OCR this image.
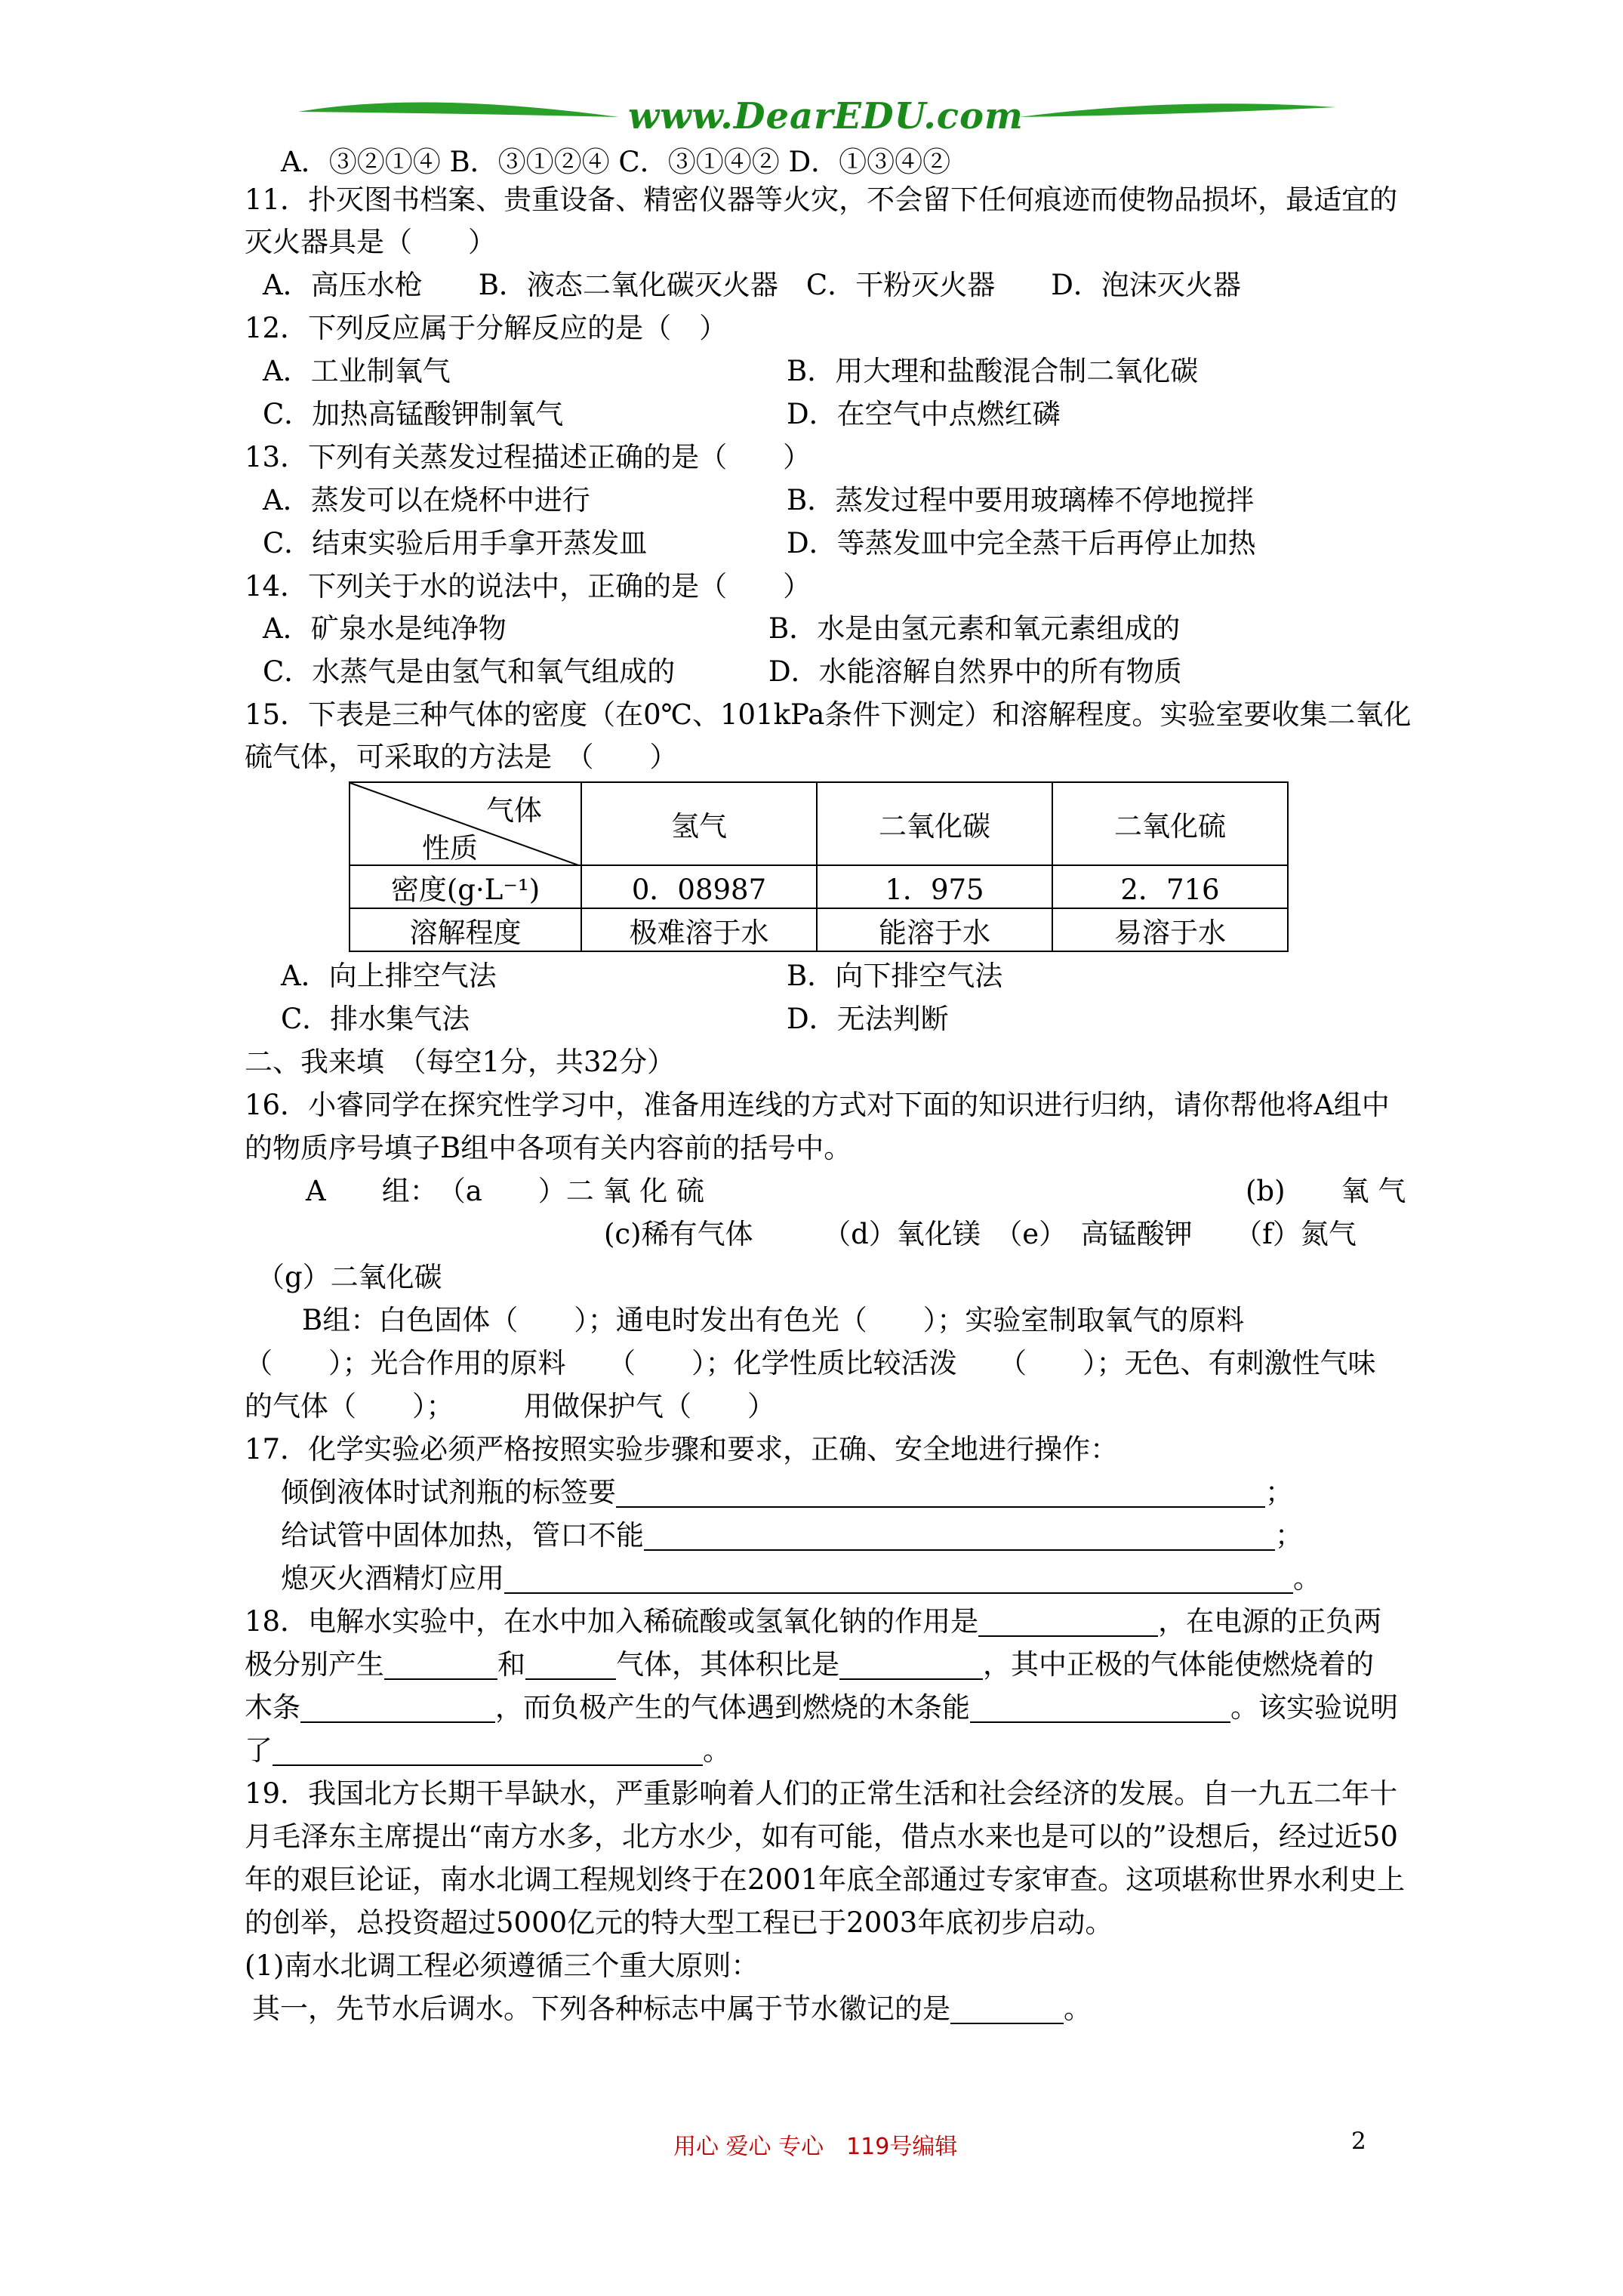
www.DearEDU.com
A．③②①④ B．③①②④ C．③①④② D．①③④②
11．扑灭图书档案、贵重设备、精密仪器等火灾，不会留下任何痕迹而使物品损坏，最适宜的
灭火器具是（　　）
A．高压水枪　　B．液态二氧化碳灭火器　C．干粉灭火器　　D．泡沫灭火器
12．下列反应属于分解反应的是（　）
A．工业制氧气	B．用大理和盐酸混合制二氧化碳
C．加热高锰酸钾制氧气	D．在空气中点燃红磷
13．下列有关蒸发过程描述正确的是（　　）
A．蒸发可以在烧杯中进行	B．蒸发过程中要用玻璃棒不停地搅拌
C．结束实验后用手拿开蒸发皿	D．等蒸发皿中完全蒸干后再停止加热
14．下列关于水的说法中，正确的是（　　）
A．矿泉水是纯净物	B．水是由氢元素和氧元素组成的
C．水蒸气是由氢气和氧气组成的	D．水能溶解自然界中的所有物质
15．下表是三种气体的密度（在0℃、101kPa条件下测定）和溶解程度。实验室要收集二氧化
硫气体，可采取的方法是　（　　）
气体
性质	氢气	二氧化碳	二氧化硫
密度(g·L⁻¹)	0．08987	1．975	2．716
溶解程度	极难溶于水	能溶于水	易溶于水
A．向上排空气法	B．向下排空气法
C．排水集气法	D．无法判断
二、我来填　（每空1分，共32分）
16．小睿同学在探究性学习中，准备用连线的方式对下面的知识进行归纳，请你帮他将A组中
的物质序号填子B组中各项有关内容前的括号中。
A　　组：　（a　　）二 氧 化 硫	(b)　　氧 气
(c)稀有气体　　　（d）氧化镁　（e）　高锰酸钾　　（f）氮气
（g）二氧化碳
B组：白色固体（　　）；通电时发出有色光（　　）；实验室制取氧气的原料
（　　）；光合作用的原料　　（　　）；化学性质比较活泼　　（　　）；无色、有刺激性气味
的气体（　　）；　　　用做保护气（　　）
17．化学实验必须严格按照实验步骤和要求，正确、安全地进行操作：
倾倒液体时试剂瓶的标签要	；
给试管中固体加热，管口不能	；
熄灭火酒精灯应用	。
18．电解水实验中，在水中加入稀硫酸或氢氧化钠的作用是	，在电源的正负两
极分别产生	和	气体，其体积比是	，其中正极的气体能使燃烧着的
木条	，而负极产生的气体遇到燃烧的木条能	。该实验说明
了	。
19．我国北方长期干旱缺水，严重影响着人们的正常生活和社会经济的发展。自一九五二年十
月毛泽东主席提出“南方水多，北方水少，如有可能，借点水来也是可以的”设想后，经过近50
年的艰巨论证，南水北调工程规划终于在2001年底全部通过专家审查。这项堪称世界水利史上
的创举，总投资超过5000亿元的特大型工程已于2003年底初步启动。
(1)南水北调工程必须遵循三个重大原则：
其一，先节水后调水。下列各种标志中属于节水徽记的是	。
用心 爱心 专心　119号编辑	2
